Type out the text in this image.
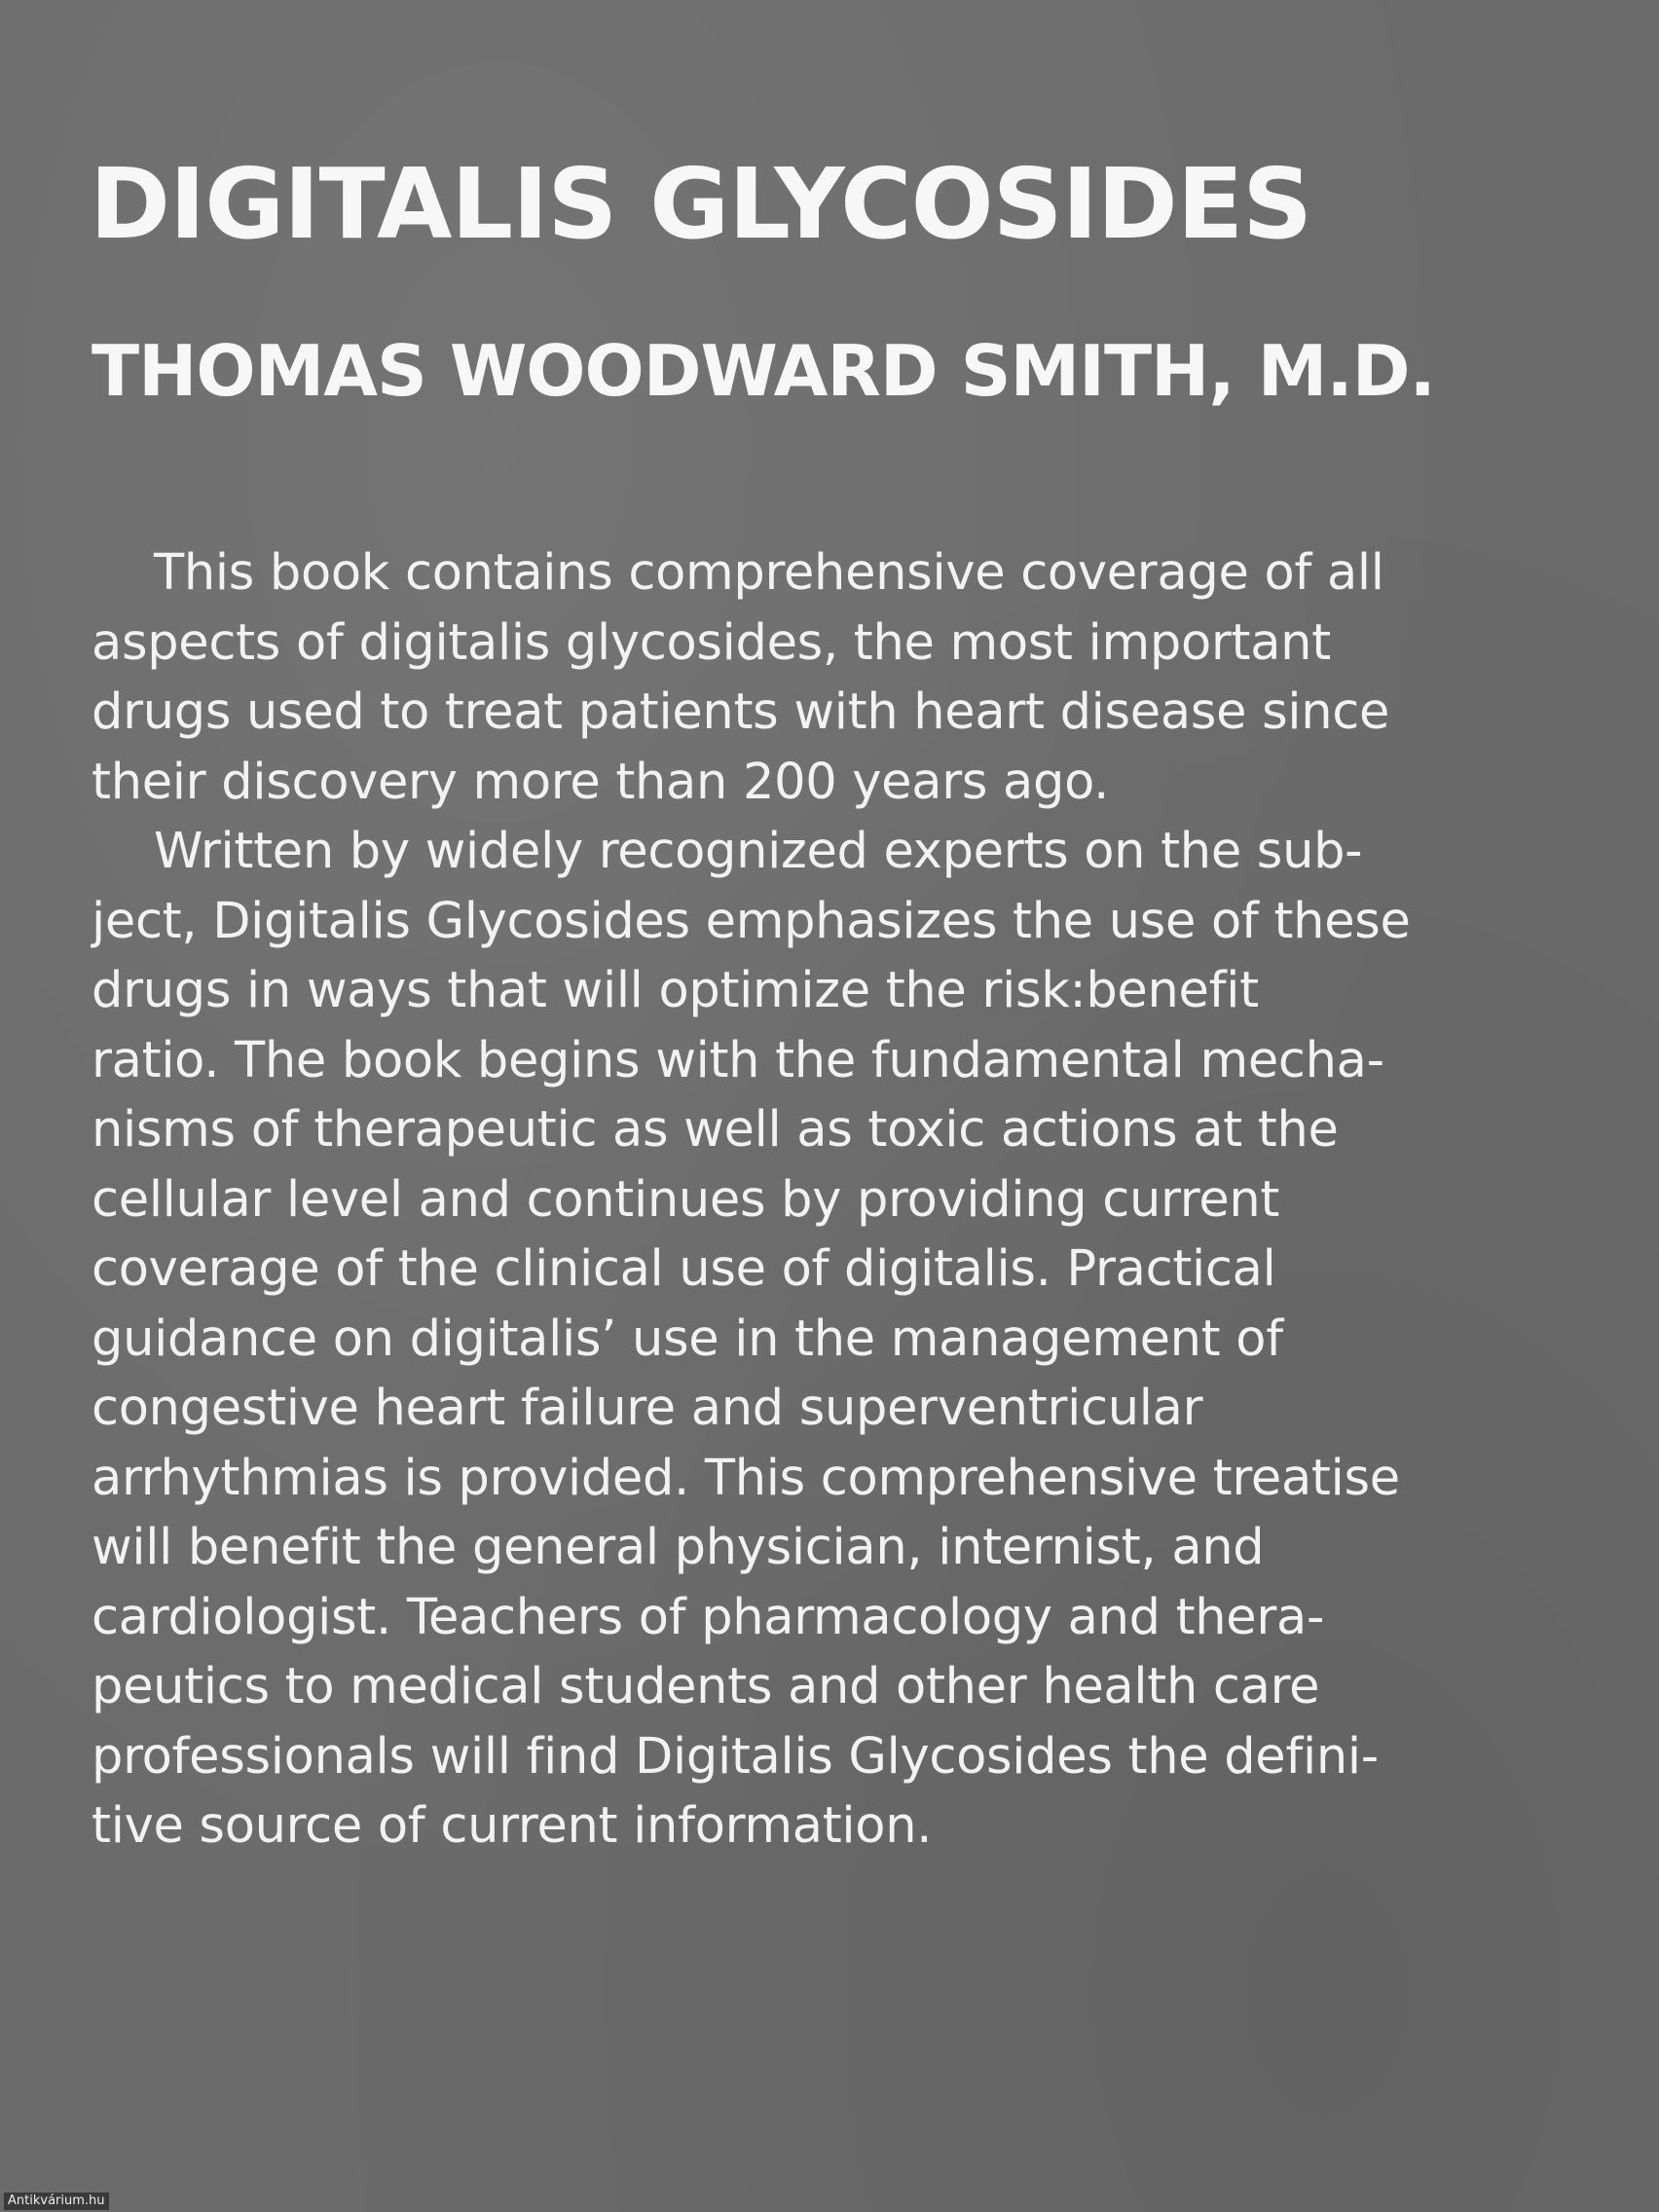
DIGITALIS GLYCOSIDES
THOMAS WOODWARD SMITH, M.D.
This book contains comprehensive coverage of all
aspects of digitalis glycosides, the most important
drugs used to treat patients with heart disease since
their discovery more than 200 years ago.
Written by widely recognized experts on the sub-
ject, Digitalis Glycosides emphasizes the use of these
drugs in ways that will optimize the risk:benefit
ratio. The book begins with the fundamental mecha-
nisms of therapeutic as well as toxic actions at the
cellular level and continues by providing current
coverage of the clinical use of digitalis. Practical
guidance on digitalis’ use in the management of
congestive heart failure and superventricular
arrhythmias is provided. This comprehensive treatise
will benefit the general physician, internist, and
cardiologist. Teachers of pharmacology and thera-
peutics to medical students and other health care
professionals will find Digitalis Glycosides the defini-
tive source of current information.
Antikvárium.hu
